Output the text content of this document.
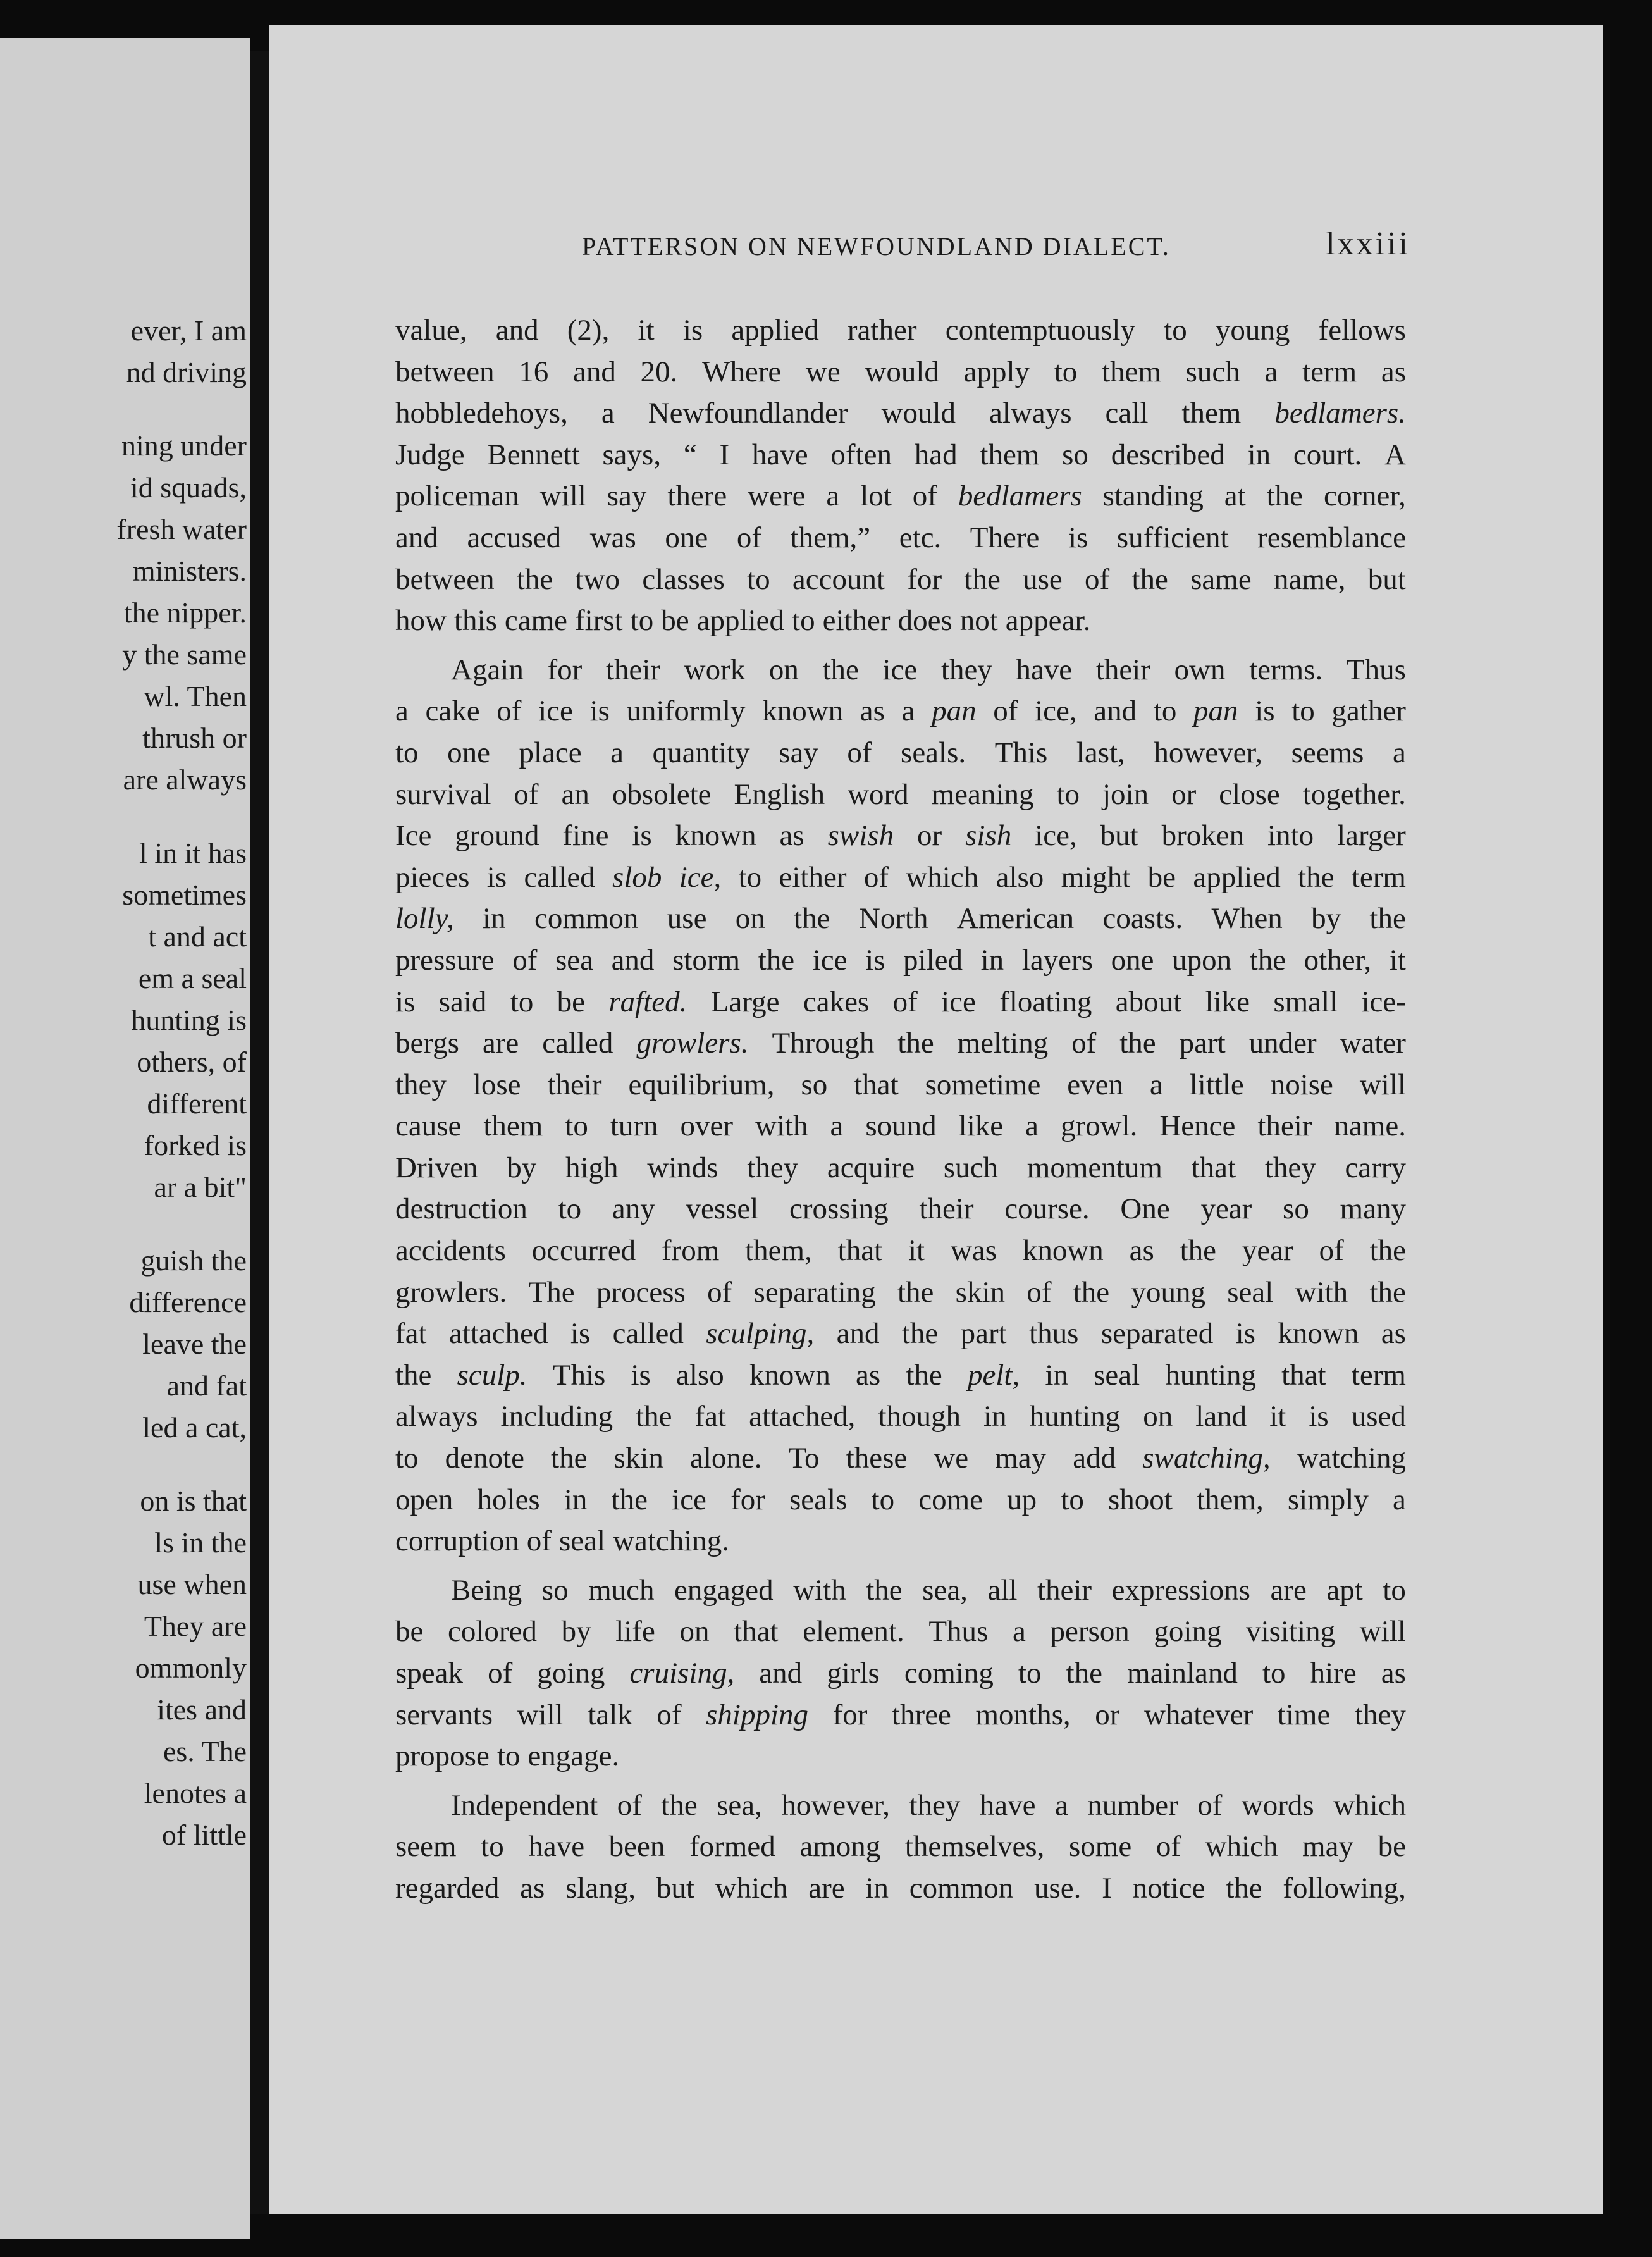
ever, I am
nd driving
ning under
id squads,
fresh water
ministers.
the nipper.
y the same
wl. Then
thrush or
are always
l in it has
sometimes
t and act
em a seal
hunting is
others, of
different
forked is
ar a bit"
guish the
difference
leave the
and fat
led a cat,
on is that
ls in the
use when
They are
ommonly
ites and
es. The
lenotes a
of little
PATTERSON ON NEWFOUNDLAND DIALECT.	lxxiii
value, and (2), it is applied rather contemptuously to young fellows
between 16 and 20. Where we would apply to them such a term as
hobbledehoys, a Newfoundlander would always call them bedlamers.
Judge Bennett says, “ I have often had them so described in court. A
policeman will say there were a lot of bedlamers standing at the corner,
and accused was one of them,” etc. There is sufficient resemblance
between the two classes to account for the use of the same name, but
how this came first to be applied to either does not appear.
Again for their work on the ice they have their own terms. Thus
a cake of ice is uniformly known as a pan of ice, and to pan is to gather
to one place a quantity say of seals. This last, however, seems a
survival of an obsolete English word meaning to join or close together.
Ice ground fine is known as swish or sish ice, but broken into larger
pieces is called slob ice, to either of which also might be applied the term
lolly, in common use on the North American coasts. When by the
pressure of sea and storm the ice is piled in layers one upon the other, it
is said to be rafted. Large cakes of ice floating about like small ice-
bergs are called growlers. Through the melting of the part under water
they lose their equilibrium, so that sometime even a little noise will
cause them to turn over with a sound like a growl. Hence their name.
Driven by high winds they acquire such momentum that they carry
destruction to any vessel crossing their course. One year so many
accidents occurred from them, that it was known as the year of the
growlers. The process of separating the skin of the young seal with the
fat attached is called sculping, and the part thus separated is known as
the sculp. This is also known as the pelt, in seal hunting that term
always including the fat attached, though in hunting on land it is used
to denote the skin alone. To these we may add swatching, watching
open holes in the ice for seals to come up to shoot them, simply a
corruption of seal watching.
Being so much engaged with the sea, all their expressions are apt to
be colored by life on that element. Thus a person going visiting will
speak of going cruising, and girls coming to the mainland to hire as
servants will talk of shipping for three months, or whatever time they
propose to engage.
Independent of the sea, however, they have a number of words which
seem to have been formed among themselves, some of which may be
regarded as slang, but which are in common use. I notice the following,
